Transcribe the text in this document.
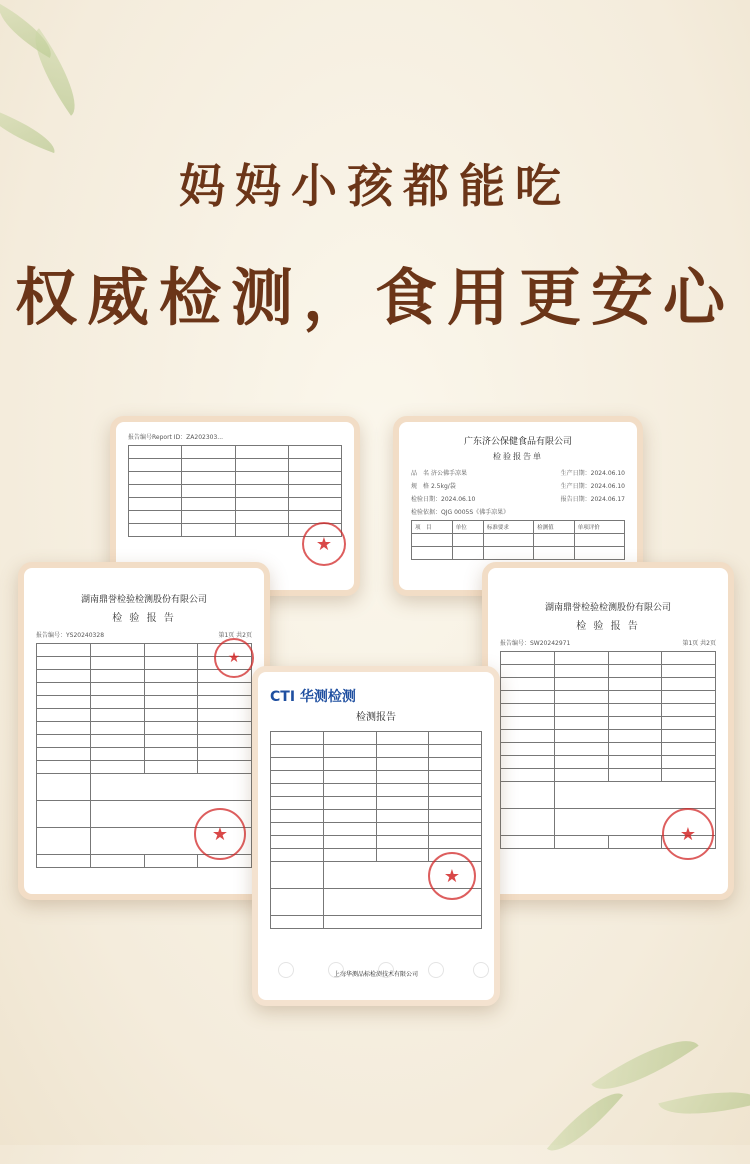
妈妈小孩都能吃
权威检测，食用更安心
报告编号Report ID：ZA202303...

★
广东济公保健食品有限公司
检验报告单
品　名 济公佛手凉果	生产日期：2024.06.10
规　格 2.5kg/袋	生产日期：2024.06.10
检验日期：2024.06.10	报告日期：2024.06.17
检验依据：QJG 0005S《佛手凉果》
项　目	单位	标准要求	检测值	单项评价

湖南鼎誉检验检测股份有限公司
检 验 报 告
报告编号：YS20240328	第1页 共2页

★
★
湖南鼎誉检验检测股份有限公司
检 验 报 告
报告编号：SW20242971	第1页 共2页

★
CTI 华测检测
检测报告

★
上海华测品标检测技术有限公司
